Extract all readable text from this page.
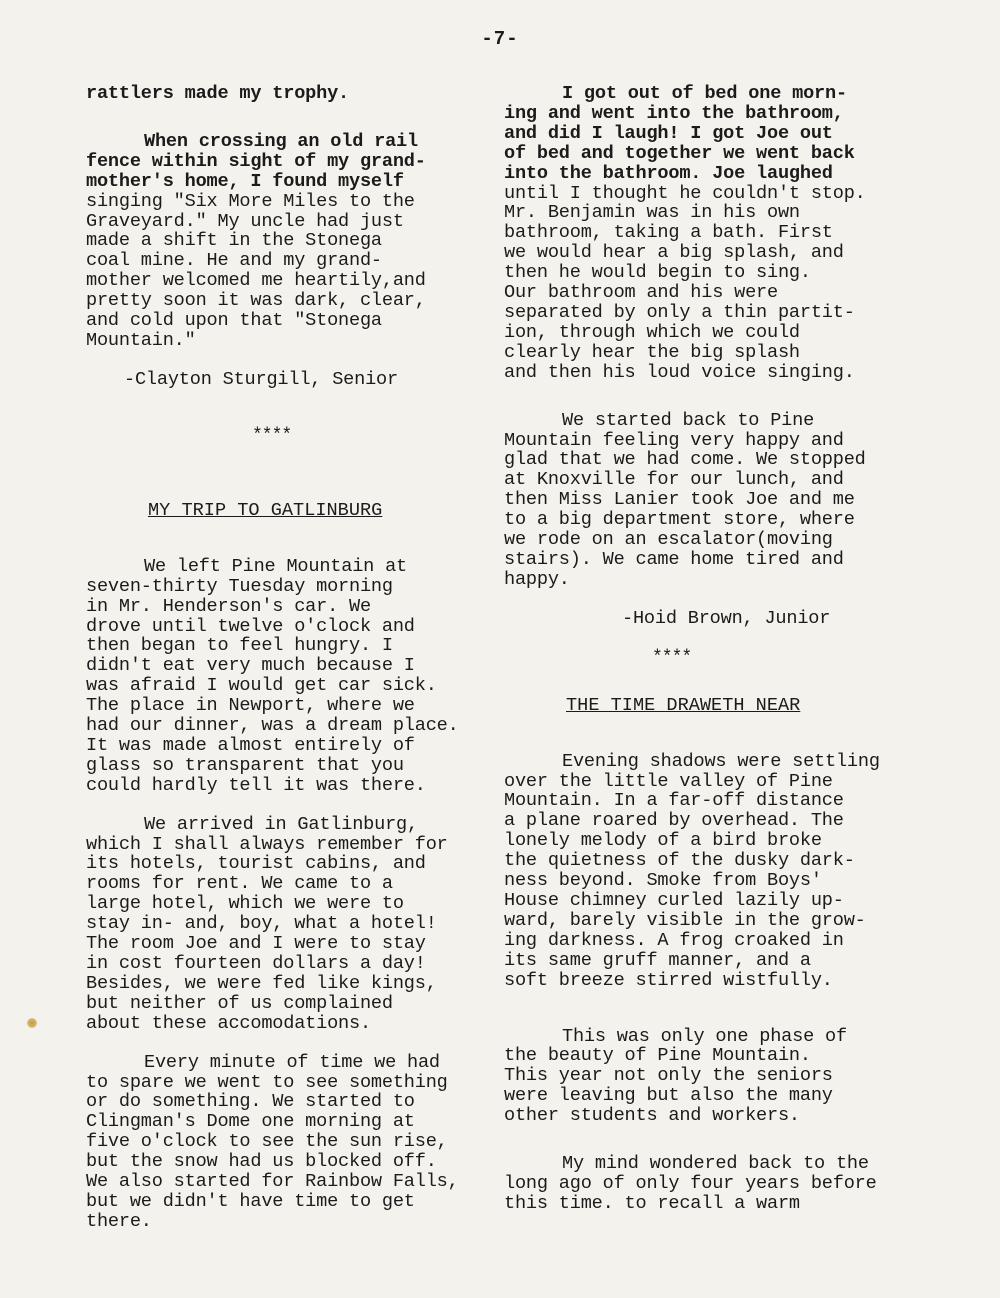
-7-
rattlers made my trophy.
When crossing an old rail
fence within sight of my grand-
mother's home, I found myself
singing "Six More Miles to the
Graveyard." My uncle had just
made a shift in the Stonega
coal mine. He and my grand-
mother welcomed me heartily,and
pretty soon it was dark, clear,
and cold upon that "Stonega
Mountain."
-Clayton Sturgill, Senior
****
MY TRIP TO GATLINBURG
We left Pine Mountain at
seven-thirty Tuesday morning
in Mr. Henderson's car. We
drove until twelve o'clock and
then began to feel hungry. I
didn't eat very much because I
was afraid I would get car sick.
The place in Newport, where we
had our dinner, was a dream place.
It was made almost entirely of
glass so transparent that you
could hardly tell it was there.
We arrived in Gatlinburg,
which I shall always remember for
its hotels, tourist cabins, and
rooms for rent. We came to a
large hotel, which we were to
stay in- and, boy, what a hotel!
The room Joe and I were to stay
in cost fourteen dollars a day!
Besides, we were fed like kings,
but neither of us complained
about these accomodations.
Every minute of time we had
to spare we went to see something
or do something. We started to
Clingman's Dome one morning at
five o'clock to see the sun rise,
but the snow had us blocked off.
We also started for Rainbow Falls,
but we didn't have time to get
there.
I got out of bed one morn-
ing and went into the bathroom,
and did I laugh! I got Joe out
of bed and together we went back
into the bathroom. Joe laughed
until I thought he couldn't stop.
Mr. Benjamin was in his own
bathroom, taking a bath. First
we would hear a big splash, and
then he would begin to sing.
Our bathroom and his were
separated by only a thin partit-
ion, through which we could
clearly hear the big splash
and then his loud voice singing.
We started back to Pine
Mountain feeling very happy and
glad that we had come. We stopped
at Knoxville for our lunch, and
then Miss Lanier took Joe and me
to a big department store, where
we rode on an escalator(moving
stairs). We came home tired and
happy.
-Hoid Brown, Junior
****
THE TIME DRAWETH NEAR
Evening shadows were settling
over the little valley of Pine
Mountain. In a far-off distance
a plane roared by overhead. The
lonely melody of a bird broke
the quietness of the dusky dark-
ness beyond. Smoke from Boys'
House chimney curled lazily up-
ward, barely visible in the grow-
ing darkness. A frog croaked in
its same gruff manner, and a
soft breeze stirred wistfully.
This was only one phase of
the beauty of Pine Mountain.
This year not only the seniors
were leaving but also the many
other students and workers.
My mind wondered back to the
long ago of only four years before
this time. to recall a warm
